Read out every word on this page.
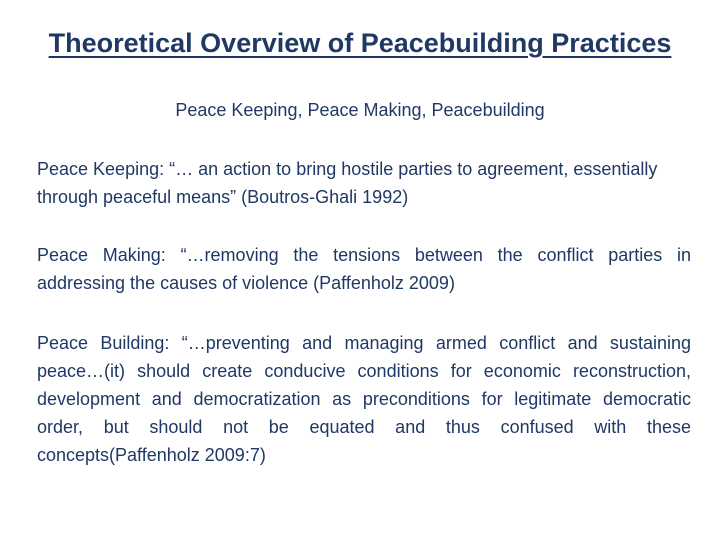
Theoretical Overview of Peacebuilding Practices
Peace Keeping, Peace Making, Peacebuilding

Peace Keeping: “… an action to bring hostile parties to agreement, essentially through peaceful means” (Boutros-Ghali 1992)

Peace Making: “…removing the tensions between the conflict parties in addressing the causes of violence (Paffenholz 2009)

Peace Building: “…preventing and managing armed conflict and sustaining peace…(it) should create conducive conditions for economic reconstruction, development and democratization as preconditions for legitimate democratic order, but should not be equated and thus confused with these concepts(Paffenholz 2009:7)
